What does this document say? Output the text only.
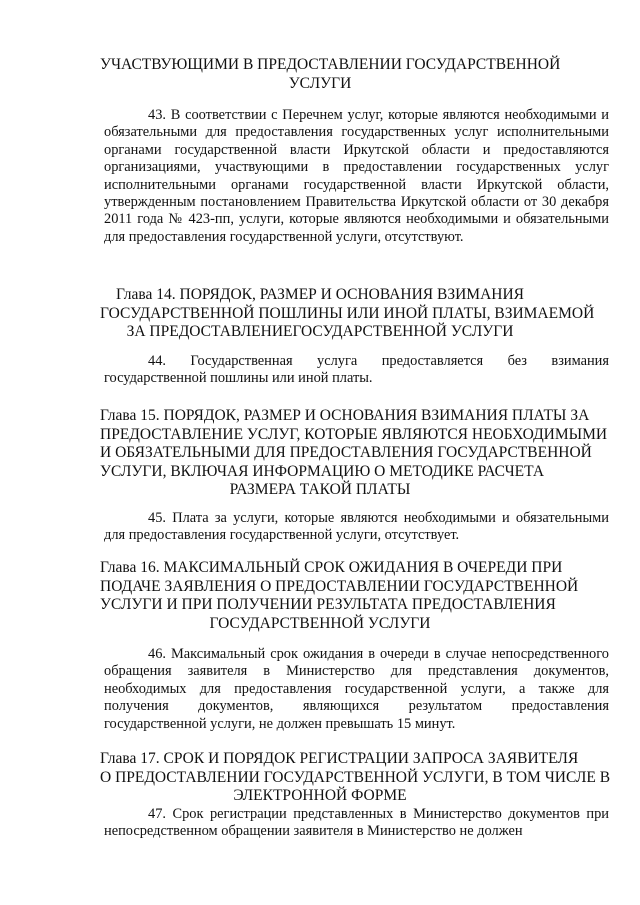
УЧАСТВУЮЩИМИ В ПРЕДОСТАВЛЕНИИ ГОСУДАРСТВЕННОЙ
УСЛУГИ

43. В соответствии с Перечнем услуг, которые являются необходимыми и обязательными для предоставления государственных услуг исполнительными органами государственной власти Иркутской области и предоставляются организациями, участвующими в предоставлении государственных услуг исполнительными органами государственной власти Иркутской области, утвержденным постановлением Правительства Иркутской области от 30 декабря 2011 года № 423-пп, услуги, которые являются необходимыми и обязательными для предоставления государственной услуги, отсутствуют.

Глава 14. ПОРЯДОК, РАЗМЕР И ОСНОВАНИЯ ВЗИМАНИЯ
ГОСУДАРСТВЕННОЙ ПОШЛИНЫ ИЛИ ИНОЙ ПЛАТЫ, ВЗИМАЕМОЙ
ЗА ПРЕДОСТАВЛЕНИЕГОСУДАРСТВЕННОЙ УСЛУГИ

44. Государственная услуга предоставляется без взимания государственной пошлины или иной платы.

Глава 15. ПОРЯДОК, РАЗМЕР И ОСНОВАНИЯ ВЗИМАНИЯ ПЛАТЫ ЗА
ПРЕДОСТАВЛЕНИЕ УСЛУГ, КОТОРЫЕ ЯВЛЯЮТСЯ НЕОБХОДИМЫМИ
И ОБЯЗАТЕЛЬНЫМИ ДЛЯ ПРЕДОСТАВЛЕНИЯ ГОСУДАРСТВЕННОЙ
УСЛУГИ, ВКЛЮЧАЯ ИНФОРМАЦИЮ О МЕТОДИКЕ РАСЧЕТА
РАЗМЕРА ТАКОЙ ПЛАТЫ

45. Плата за услуги, которые являются необходимыми и обязательными для предоставления государственной услуги, отсутствует.

Глава 16. МАКСИМАЛЬНЫЙ СРОК ОЖИДАНИЯ В ОЧЕРЕДИ ПРИ
ПОДАЧЕ ЗАЯВЛЕНИЯ О ПРЕДОСТАВЛЕНИИ ГОСУДАРСТВЕННОЙ
УСЛУГИ И ПРИ ПОЛУЧЕНИИ РЕЗУЛЬТАТА ПРЕДОСТАВЛЕНИЯ
ГОСУДАРСТВЕННОЙ УСЛУГИ

46. Максимальный срок ожидания в очереди в случае непосредственного обращения заявителя в Министерство для представления документов, необходимых для предоставления государственной услуги, а также для получения документов, являющихся результатом предоставления государственной услуги, не должен превышать 15 минут.

Глава 17. СРОК И ПОРЯДОК РЕГИСТРАЦИИ ЗАПРОСА ЗАЯВИТЕЛЯ
О ПРЕДОСТАВЛЕНИИ ГОСУДАРСТВЕННОЙ УСЛУГИ, В ТОМ ЧИСЛЕ В
ЭЛЕКТРОННОЙ ФОРМЕ

47. Срок регистрации представленных в Министерство документов при непосредственном обращении заявителя в Министерство не должен
